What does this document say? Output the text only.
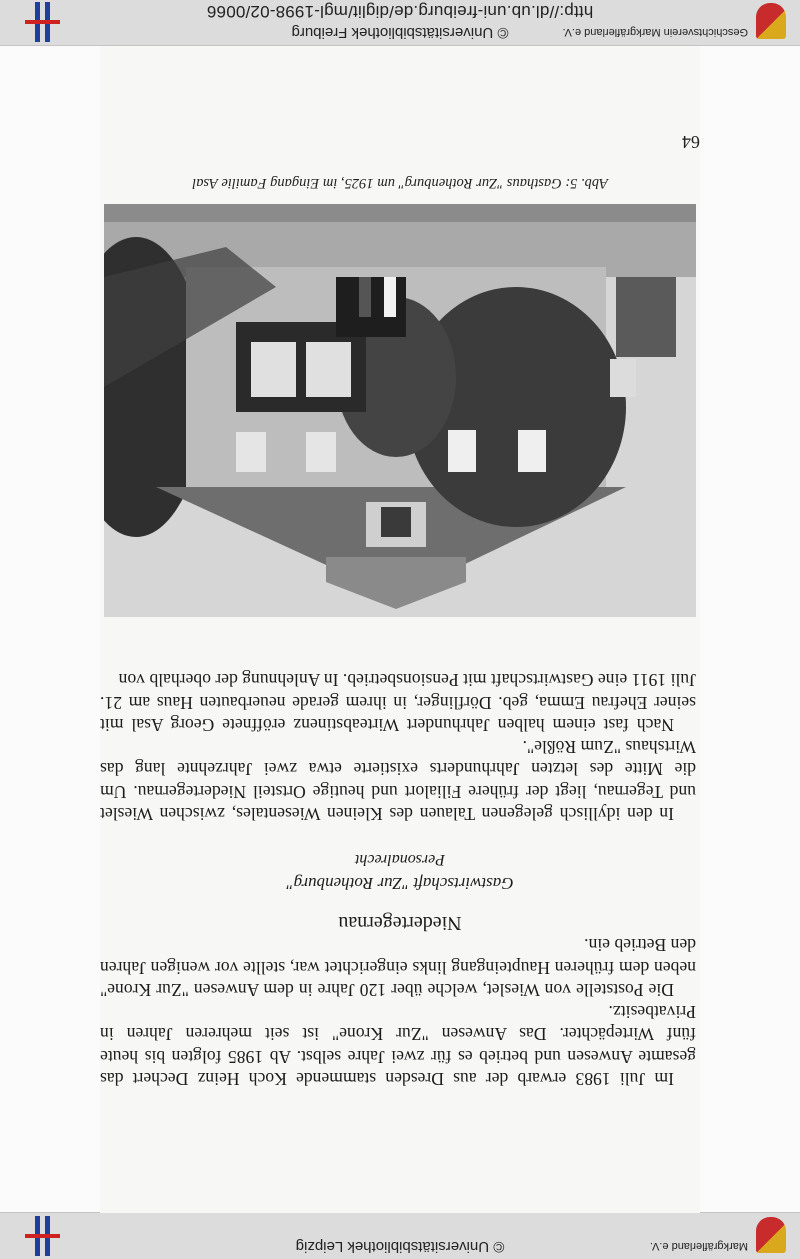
Markgräflerland e.V.
© Universitätsbibliothek Leipzig

Im Juli 1983 erwarb der aus Dresden stammende Koch Heinz Dechert das gesamte Anwesen und betrieb es für zwei Jahre selbst. Ab 1985 folgten bis heute fünf Wirtepächter. Das Anwesen "Zur Krone" ist seit mehreren Jahren in Privatbesitz.

Die Poststelle von Wieslet, welche über 120 Jahre in dem Anwesen "Zur Krone" neben dem früheren Haupteingang links eingerichtet war, stellte vor wenigen Jahren den Betrieb ein.

Niedertegernau

Gastwirtschaft "Zur Rothenburg"

Personalrecht

In den idyllisch gelegenen Talauen des Kleinen Wiesentales, zwischen Wieslet und Tegernau, liegt der frühere Filialort und heutige Ortsteil Niedertegernau. Um die Mitte des letzten Jahrhunderts existierte etwa zwei Jahrzehnte lang das Wirtshaus "Zum Rößle".

Nach fast einem halben Jahrhundert Wirteabstinenz eröffnete Georg Asal mit seiner Ehefrau Emma, geb. Dörflinger, in ihrem gerade neuerbauten Haus am 21. Juli 1911 eine Gastwirtschaft mit Pensionsbetrieb. In Anlehnung der oberhalb von

Abb. 5: Gasthaus "Zur Rothenburg" um 1925, im Eingang Familie Asal

64

© Universitätsbibliothek Freiburg
http://dl.ub.uni-freiburg.de/diglit/mgl-1998-02/0066
Geschichtsverein Markgräflerland e.V.
